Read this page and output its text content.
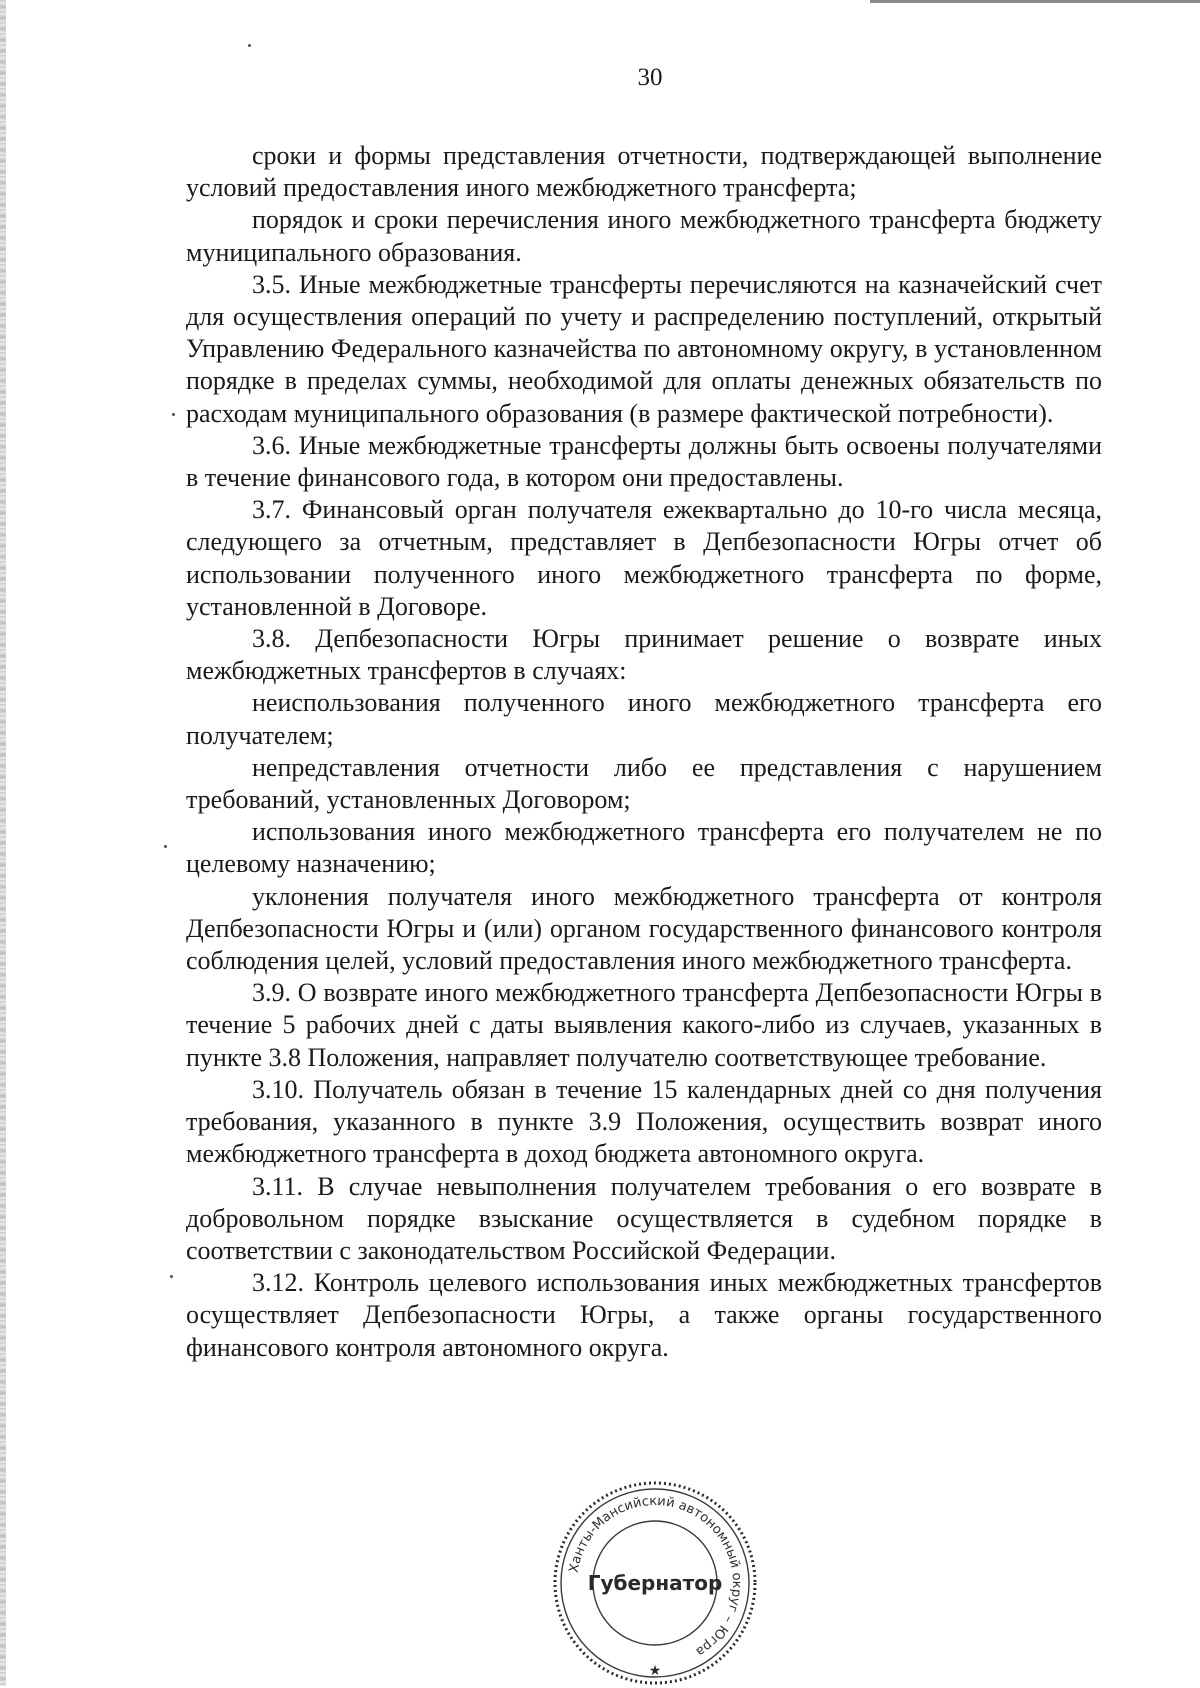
30

сроки и формы представления отчетности, подтверждающей выполнение условий предоставления иного межбюджетного трансферта;

порядок и сроки перечисления иного межбюджетного трансферта бюджету муниципального образования.

3.5. Иные межбюджетные трансферты перечисляются на казначейский счет для осуществления операций по учету и распределению поступлений, открытый Управлению Федерального казначейства по автономному округу, в установленном порядке в пределах суммы, необходимой для оплаты денежных обязательств по расходам муниципального образования (в размере фактической потребности).

3.6. Иные межбюджетные трансферты должны быть освоены получателями в течение финансового года, в котором они предоставлены.

3.7. Финансовый орган получателя ежеквартально до 10-го числа месяца, следующего за отчетным, представляет в Депбезопасности Югры отчет об использовании полученного иного межбюджетного трансферта по форме, установленной в Договоре.

3.8. Депбезопасности Югры принимает решение о возврате иных межбюджетных трансфертов в случаях:

неиспользования полученного иного межбюджетного трансферта его получателем;

непредставления отчетности либо ее представления с нарушением требований, установленных Договором;

использования иного межбюджетного трансферта его получателем не по целевому назначению;

уклонения получателя иного межбюджетного трансферта от контроля Депбезопасности Югры и (или) органом государственного финансового контроля соблюдения целей, условий предоставления иного межбюджетного трансферта.

3.9. О возврате иного межбюджетного трансферта Депбезопасности Югры в течение 5 рабочих дней с даты выявления какого-либо из случаев, указанных в пункте 3.8 Положения, направляет получателю соответствующее требование.

3.10. Получатель обязан в течение 15 календарных дней со дня получения требования, указанного в пункте 3.9 Положения, осуществить возврат иного межбюджетного трансферта в доход бюджета автономного округа.

3.11. В случае невыполнения получателем требования о его возврате в добровольном порядке взыскание осуществляется в судебном порядке в соответствии с законодательством Российской Федерации.

3.12. Контроль целевого использования иных межбюджетных трансфертов осуществляет Депбезопасности Югры, а также органы государственного финансового контроля автономного округа.

Ханты-Мансийский автономный округ – Югра
Губернатор
★
